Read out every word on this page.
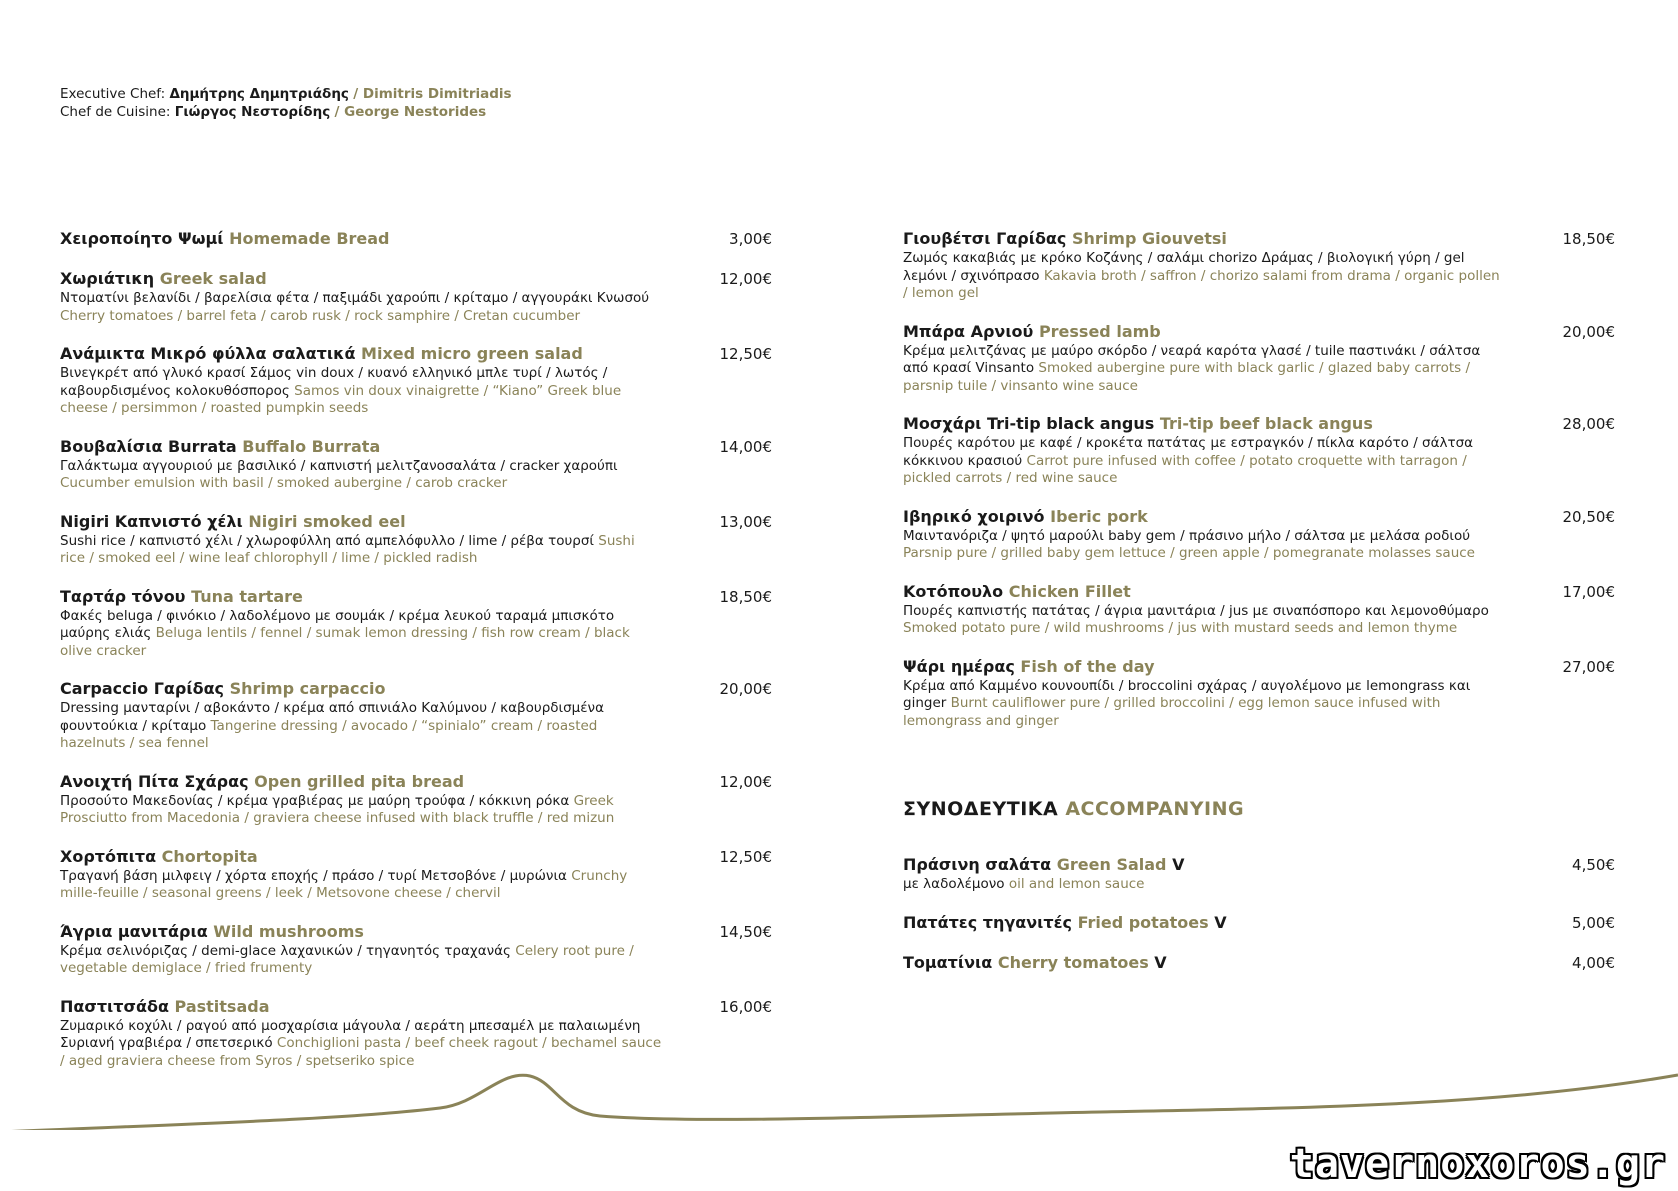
Executive Chef: Δημήτρης Δημητριάδης / Dimitris Dimitriadis
Chef de Cuisine: Γιώργος Νεστορίδης / George Nestorides
Χειροποίητο Ψωμί Homemade Bread	3,00€
Χωριάτικη Greek salad	12,00€
Ντοματίνι βελανίδι / βαρελίσια φέτα / παξιμάδι χαρούπι / κρίταμο / αγγουράκι Κνωσού Cherry tomatoes / barrel feta / carob rusk / rock samphire / Cretan cucumber
Ανάμικτα Μικρό φύλλα σαλατικά Mixed micro green salad	12,50€
Βινεγκρέτ από γλυκό κρασί Σάμος vin doux / κυανό ελληνικό μπλε τυρί / λωτός / καβουρδισμένος κολοκυθόσπορος Samos vin doux vinaigrette / “Kiano” Greek blue cheese / persimmon / roasted pumpkin seeds
Βουβαλίσια Burrata Buffalo Burrata	14,00€
Γαλάκτωμα αγγουριού με βασιλικό / καπνιστή μελιτζανοσαλάτα / cracker χαρούπι Cucumber emulsion with basil / smoked aubergine / carob cracker
Nigiri Καπνιστό χέλι Nigiri smoked eel	13,00€
Sushi rice / καπνιστό χέλι / χλωροφύλλη από αμπελόφυλλο / lime / ρέβα τουρσί Sushi rice / smoked eel / wine leaf chlorophyll / lime / pickled radish
Ταρτάρ τόνου Tuna tartare	18,50€
Φακές beluga / φινόκιο / λαδολέμονο με σουμάκ / κρέμα λευκού ταραμά μπισκότο μαύρης ελιάς Beluga lentils / fennel / sumak lemon dressing / fish row cream / black olive cracker
Carpaccio Γαρίδας Shrimp carpaccio	20,00€
Dressing μανταρίνι / αβοκάντο / κρέμα από σπινιάλο Καλύμνου / καβουρδισμένα φουντούκια / κρίταμο Tangerine dressing / avocado / “spinialo” cream / roasted hazelnuts / sea fennel
Ανοιχτή Πίτα Σχάρας Open grilled pita bread	12,00€
Προσούτο Μακεδονίας / κρέμα γραβιέρας με μαύρη τρούφα / κόκκινη ρόκα Greek Prosciutto from Macedonia / graviera cheese infused with black truffle / red mizun
Χορτόπιτα Chortopita	12,50€
Τραγανή βάση μιλφειγ / χόρτα εποχής / πράσο / τυρί Μετσοβόνε / μυρώνια Crunchy mille-feuille / seasonal greens / leek / Metsovone cheese / chervil
Άγρια μανιτάρια Wild mushrooms	14,50€
Κρέμα σελινόριζας / demi-glace λαχανικών / τηγανητός τραχανάς Celery root pure / vegetable demiglace / fried frumenty
Παστιτσάδα Pastitsada	16,00€
Ζυμαρικό κοχύλι / ραγού από μοσχαρίσια μάγουλα / αεράτη μπεσαμέλ με παλαιωμένη Συριανή γραβιέρα / σπετσερικό Conchiglioni pasta / beef cheek ragout / bechamel sauce / aged graviera cheese from Syros / spetseriko spice
Γιουβέτσι Γαρίδας Shrimp Giouvetsi	18,50€
Ζωμός κακαβιάς με κρόκο Κοζάνης / σαλάμι chorizo Δράμας / βιολογική γύρη / gel λεμόνι / σχινόπρασο Kakavia broth / saffron / chorizo salami from drama / organic pollen / lemon gel
Μπάρα Αρνιού Pressed lamb	20,00€
Κρέμα μελιτζάνας με μαύρο σκόρδο / νεαρά καρότα γλασέ / tuile παστινάκι / σάλτσα από κρασί Vinsanto Smoked aubergine pure with black garlic / glazed baby carrots / parsnip tuile / vinsanto wine sauce
Μοσχάρι Tri-tip black angus Tri-tip beef black angus	28,00€
Πουρές καρότου με καφέ / κροκέτα πατάτας με εστραγκόν / πίκλα καρότο / σάλτσα κόκκινου κρασιού Carrot pure infused with coffee / potato croquette with tarragon / pickled carrots / red wine sauce
Ιβηρικό χοιρινό Iberic pork	20,50€
Μαιντανόριζα / ψητό μαρούλι baby gem / πράσινο μήλο / σάλτσα με μελάσα ροδιού Parsnip pure / grilled baby gem lettuce / green apple / pomegranate molasses sauce
Κοτόπουλο Chicken Fillet	17,00€
Πουρές καπνιστής πατάτας / άγρια μανιτάρια / jus με σιναπόσπορο και λεμονοθύμαρο Smoked potato pure / wild mushrooms / jus with mustard seeds and lemon thyme
Ψάρι ημέρας Fish of the day	27,00€
Κρέμα από Καμμένο κουνουπίδι / broccolini σχάρας / αυγολέμονο με lemongrass και ginger Burnt cauliflower pure / grilled broccolini / egg lemon sauce infused with lemongrass and ginger
ΣΥΝΟΔΕΥΤΙΚΑ ACCOMPANYING
Πράσινη σαλάτα Green Salad V	4,50€
με λαδολέμονο oil and lemon sauce
Πατάτες τηγανιτές Fried potatoes V	5,00€
Τοματίνια Cherry tomatoes V	4,00€
tavernoxoros.gr
